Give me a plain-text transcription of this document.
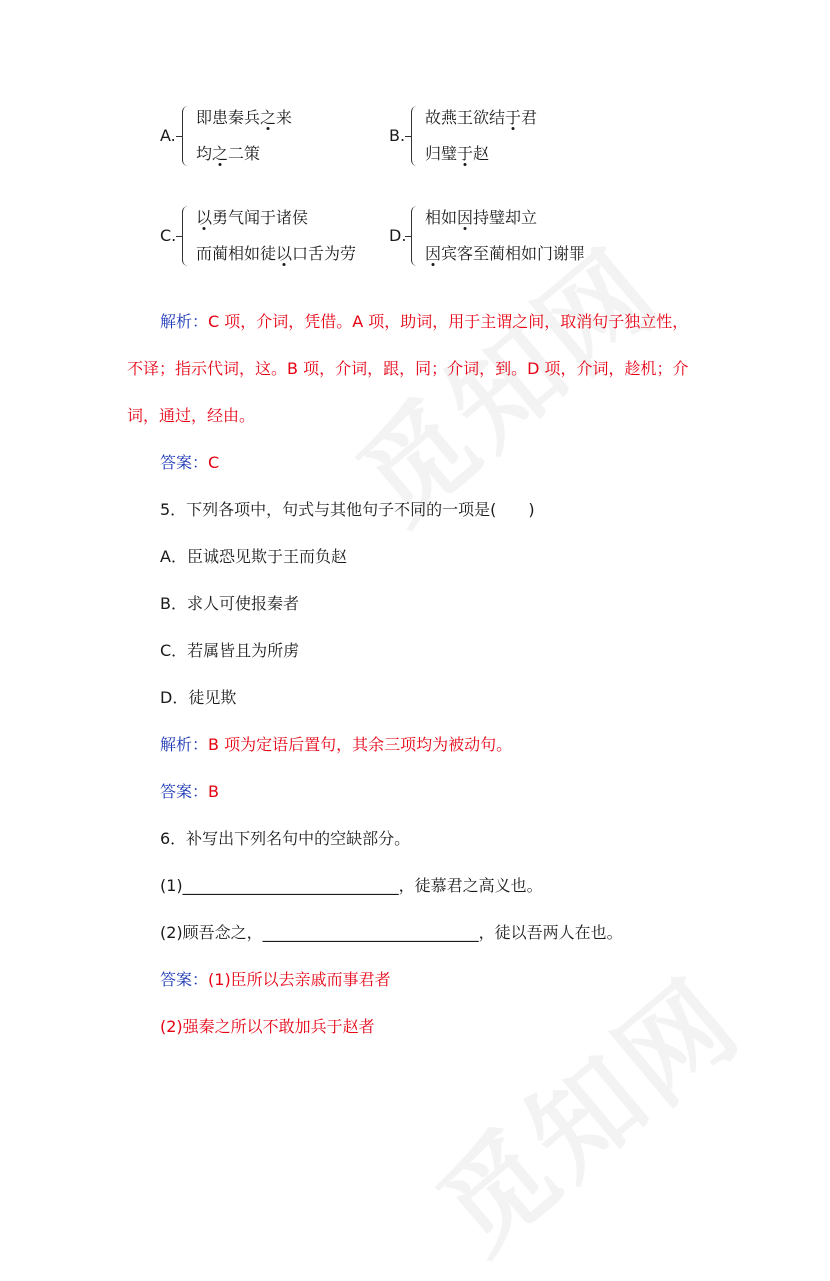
A.
即患秦兵之来
均之二策
B.
故燕王欲结于君
归璧于赵
C.
以勇气闻于诸侯
而蔺相如徒以口舌为劳
D.
相如因持璧却立
因宾客至蔺相如门谢罪
解析：C 项，介词，凭借。A 项，助词，用于主谓之间，取消句子独立性，
不译；指示代词，这。B 项，介词，跟，同；介词，到。D 项，介词，趁机；介
词，通过，经由。
答案：C
5．下列各项中，句式与其他句子不同的一项是(　　)
A．臣诚恐见欺于王而负赵
B．求人可使报秦者
C．若属皆且为所虏
D．徒见欺
解析：B 项为定语后置句，其余三项均为被动句。
答案：B
6．补写出下列名句中的空缺部分。
(1)___________________________，徒慕君之高义也。
(2)顾吾念之，___________________________，徒以吾两人在也。
答案：(1)臣所以去亲戚而事君者
(2)强秦之所以不敢加兵于赵者
